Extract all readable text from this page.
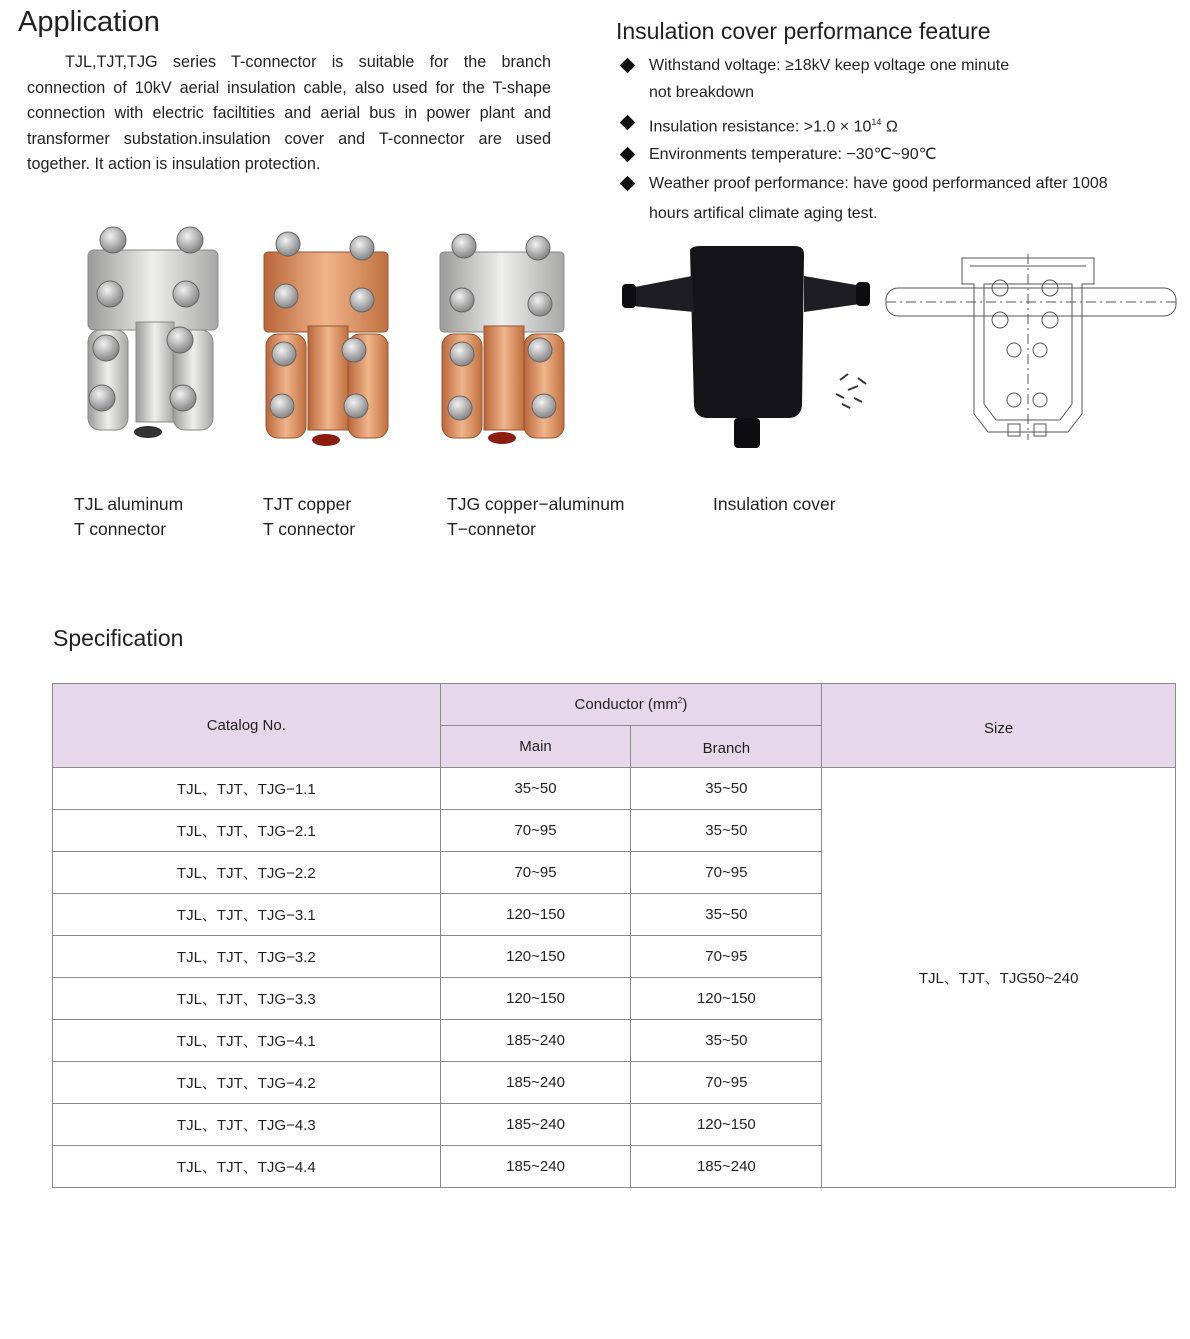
Application
TJL,TJT,TJG series T-connector is suitable for the branch connection of 10kV aerial insulation cable, also used for the T-shape connection with electric faciltities and aerial bus in power plant and transformer substation.insulation cover and T-connector are used together. It action is insulation protection.
Insulation cover performance feature
Withstand voltage: ≥18kV keep voltage one minute
not breakdown
Insulation resistance: $>1.0 \times 10^{14}$ Ω
Environments temperature: −30℃~90℃
Weather proof performance: have good performanced after 1008
hours artifical climate aging test.
TJL aluminum
T connector
TJT copper
T connector
TJG copper−aluminum
T−connetor
Insulation cover
Specification
Catalog No.	Conductor $(mm^2)$		Size
	Main	Branch	
TJL、TJT、TJG−1.1	35~50	35~50	TJL、TJT、TJG50~240
TJL、TJT、TJG−2.1	70~95	35~50	
TJL、TJT、TJG−2.2	70~95	70~95	
TJL、TJT、TJG−3.1	120~150	35~50	
TJL、TJT、TJG−3.2	120~150	70~95	
TJL、TJT、TJG−3.3	120~150	120~150	
TJL、TJT、TJG−4.1	185~240	35~50	
TJL、TJT、TJG−4.2	185~240	70~95	
TJL、TJT、TJG−4.3	185~240	120~150	
TJL、TJT、TJG−4.4	185~240	185~240	
